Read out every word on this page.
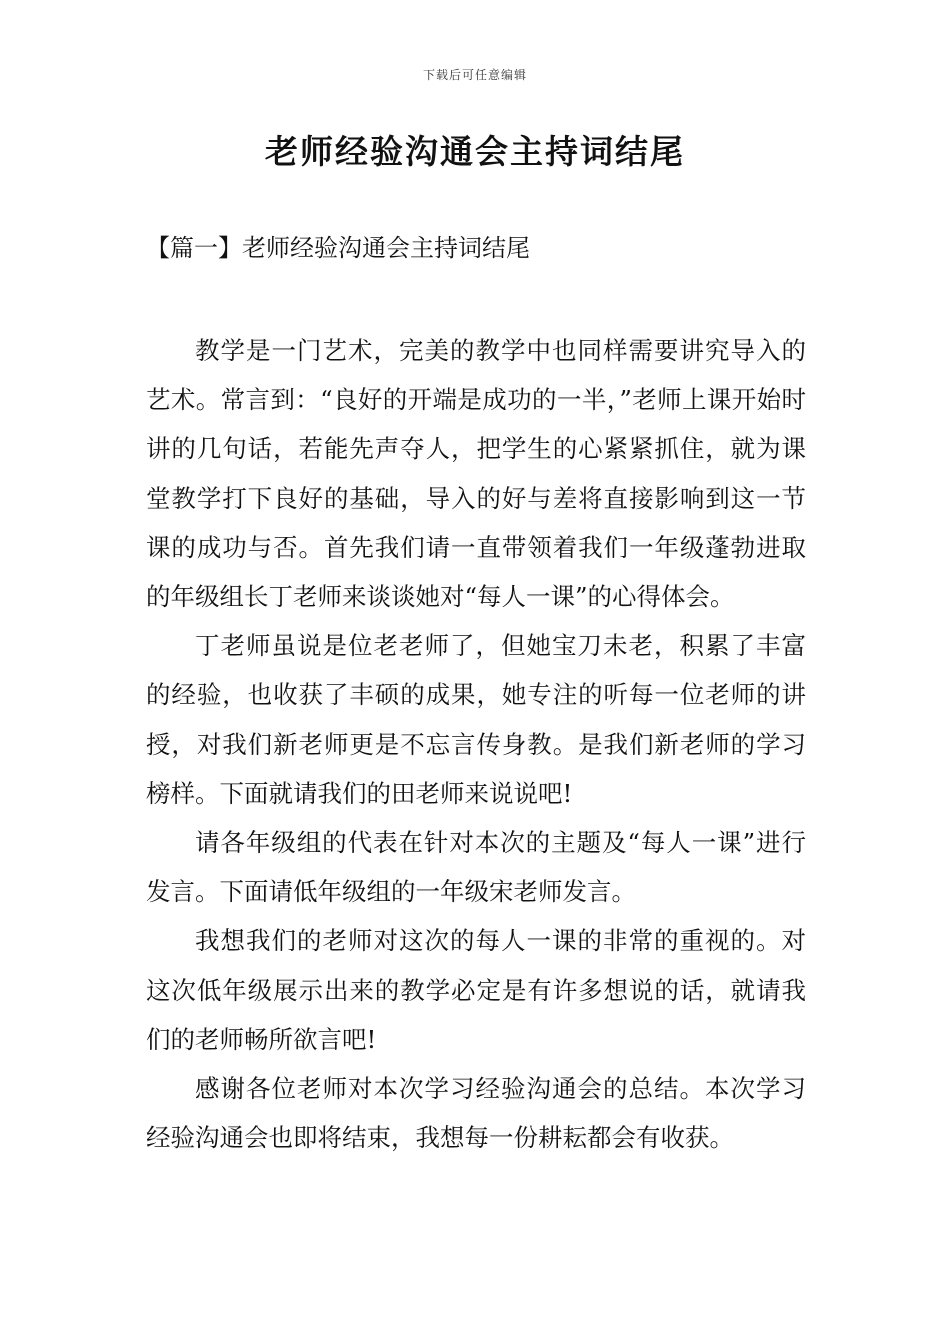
下载后可任意编辑
老师经验沟通会主持词结尾
【篇一】老师经验沟通会主持词结尾

教学是一门艺术，完美的教学中也同样需要讲究导入的艺术。常言到：“良好的开端是成功的一半，”老师上课开始时讲的几句话，若能先声夺人，把学生的心紧紧抓住，就为课堂教学打下良好的基础，导入的好与差将直接影响到这一节课的成功与否。首先我们请一直带领着我们一年级蓬勃进取的年级组长丁老师来谈谈她对“每人一课”的心得体会。

丁老师虽说是位老老师了，但她宝刀未老，积累了丰富的经验，也收获了丰硕的成果，她专注的听每一位老师的讲授，对我们新老师更是不忘言传身教。是我们新老师的学习榜样。下面就请我们的田老师来说说吧!

请各年级组的代表在针对本次的主题及“每人一课”进行发言。下面请低年级组的一年级宋老师发言。

我想我们的老师对这次的每人一课的非常的重视的。对这次低年级展示出来的教学必定是有许多想说的话，就请我们的老师畅所欲言吧!

感谢各位老师对本次学习经验沟通会的总结。本次学习经验沟通会也即将结束，我想每一份耕耘都会有收获。
